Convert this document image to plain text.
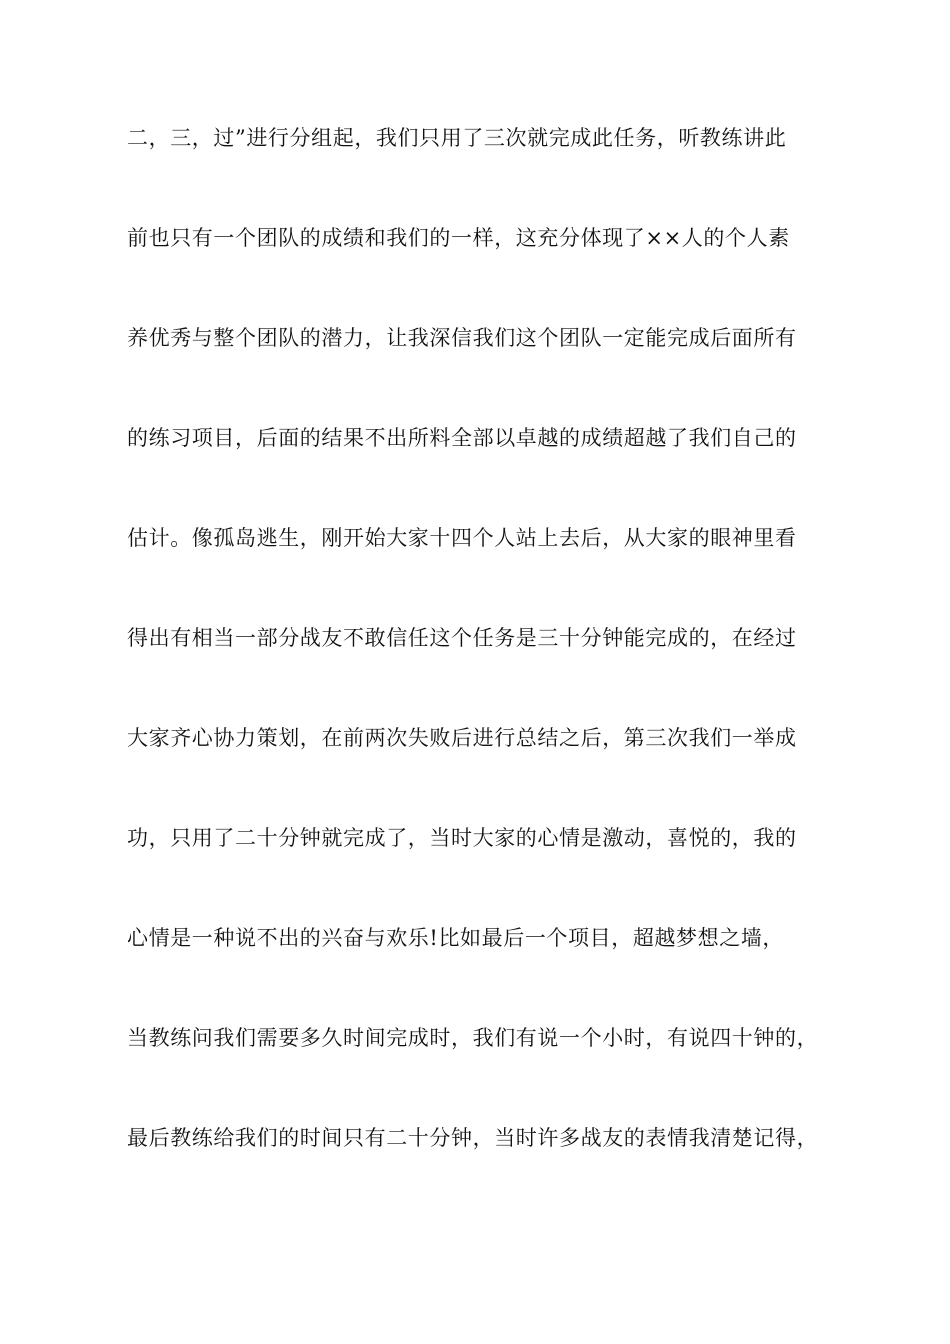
二，三，过”进行分组起，我们只用了三次就完成此任务，听教练讲此
前也只有一个团队的成绩和我们的一样，这充分体现了××人的个人素
养优秀与整个团队的潜力，让我深信我们这个团队一定能完成后面所有
的练习项目，后面的结果不出所料全部以卓越的成绩超越了我们自己的
估计。像孤岛逃生，刚开始大家十四个人站上去后，从大家的眼神里看
得出有相当一部分战友不敢信任这个任务是三十分钟能完成的，在经过
大家齐心协力策划，在前两次失败后进行总结之后，第三次我们一举成
功，只用了二十分钟就完成了，当时大家的心情是激动，喜悦的，我的
心情是一种说不出的兴奋与欢乐!比如最后一个项目，超越梦想之墙，
当教练问我们需要多久时间完成时，我们有说一个小时，有说四十钟的，
最后教练给我们的时间只有二十分钟，当时许多战友的表情我清楚记得，
